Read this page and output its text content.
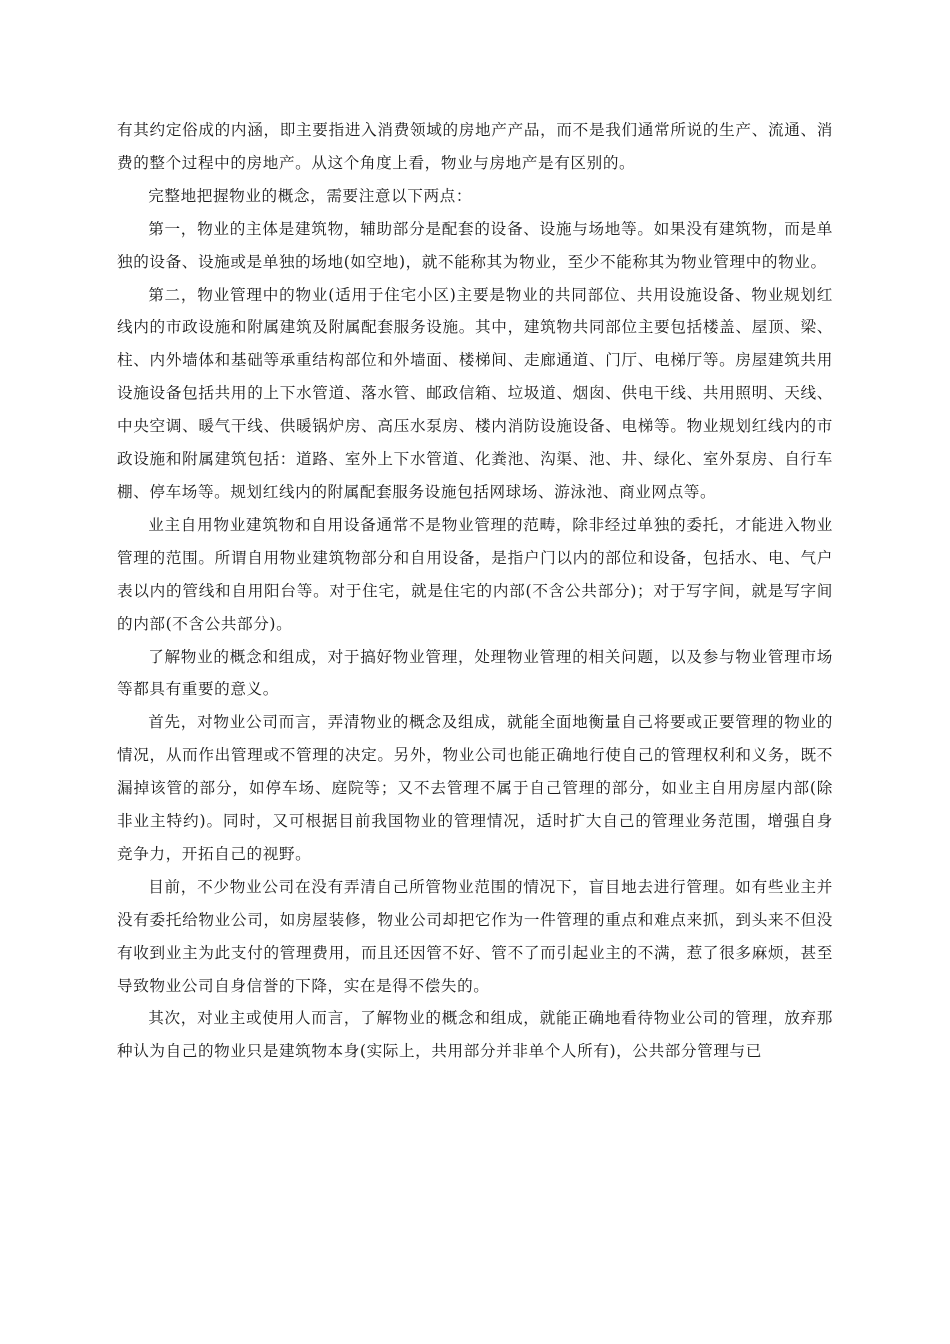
有其约定俗成的内涵，即主要指进入消费领域的房地产产品，而不是我们通常所说的生产、流通、消费的整个过程中的房地产。从这个角度上看，物业与房地产是有区别的。

完整地把握物业的概念，需要注意以下两点：

第一，物业的主体是建筑物，辅助部分是配套的设备、设施与场地等。如果没有建筑物，而是单独的设备、设施或是单独的场地(如空地)，就不能称其为物业，至少不能称其为物业管理中的物业。

第二，物业管理中的物业(适用于住宅小区)主要是物业的共同部位、共用设施设备、物业规划红线内的市政设施和附属建筑及附属配套服务设施。其中，建筑物共同部位主要包括楼盖、屋顶、梁、柱、内外墙体和基础等承重结构部位和外墙面、楼梯间、走廊通道、门厅、电梯厅等。房屋建筑共用设施设备包括共用的上下水管道、落水管、邮政信箱、垃圾道、烟囱、供电干线、共用照明、天线、中央空调、暖气干线、供暖锅炉房、高压水泵房、楼内消防设施设备、电梯等。物业规划红线内的市政设施和附属建筑包括：道路、室外上下水管道、化粪池、沟渠、池、井、绿化、室外泵房、自行车棚、停车场等。规划红线内的附属配套服务设施包括网球场、游泳池、商业网点等。

业主自用物业建筑物和自用设备通常不是物业管理的范畴，除非经过单独的委托，才能进入物业管理的范围。所谓自用物业建筑物部分和自用设备，是指户门以内的部位和设备，包括水、电、气户表以内的管线和自用阳台等。对于住宅，就是住宅的内部(不含公共部分)；对于写字间，就是写字间的内部(不含公共部分)。

了解物业的概念和组成，对于搞好物业管理，处理物业管理的相关问题，以及参与物业管理市场等都具有重要的意义。

首先，对物业公司而言，弄清物业的概念及组成，就能全面地衡量自己将要或正要管理的物业的情况，从而作出管理或不管理的决定。另外，物业公司也能正确地行使自己的管理权利和义务，既不漏掉该管的部分，如停车场、庭院等；又不去管理不属于自己管理的部分，如业主自用房屋内部(除非业主特约)。同时，又可根据目前我国物业的管理情况，适时扩大自己的管理业务范围，增强自身竞争力，开拓自己的视野。

目前，不少物业公司在没有弄清自己所管物业范围的情况下，盲目地去进行管理。如有些业主并没有委托给物业公司，如房屋装修，物业公司却把它作为一件管理的重点和难点来抓，到头来不但没有收到业主为此支付的管理费用，而且还因管不好、管不了而引起业主的不满，惹了很多麻烦，甚至导致物业公司自身信誉的下降，实在是得不偿失的。

其次，对业主或使用人而言，了解物业的概念和组成，就能正确地看待物业公司的管理，放弃那种认为自己的物业只是建筑物本身(实际上，共用部分并非单个人所有)，公共部分管理与已
